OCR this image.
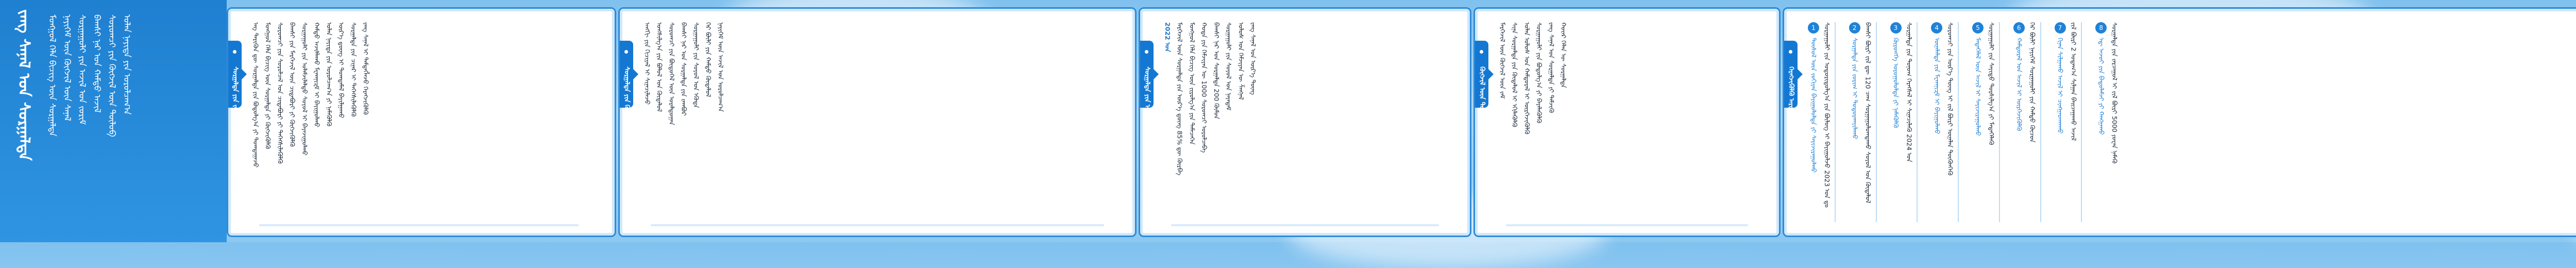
ᠵᠠᠩ ᠰᠠᠨᠠᠯ ᠤᠨ ᠰᠤᠷᠭᠠᠯᠲᠠ	ᠮᠣᠩᠭᠣᠯ ᠬᠡᠯᠡ ᠪᠢᠴᠢᠭ ᠦᠨ ᠰᠤᠷᠭᠠᠯᠲᠠ ᠨᠡᠶᠢᠭᠡᠮ ᠦᠨ ᠬᠥᠭᠵᠢᠯ ᠦᠨ ᠰᠠᠨᠠᠯ ᠰᠤᠷᠭᠠᠭᠤᠯᠢ ᠶᠢᠨ ᠠᠵᠢᠯ ᠤᠨ ᠵᠤᠷᠢᠮ ᠪᠠᠭᠰᠢ ᠨᠠᠷ ᠤᠨ ᠬᠠᠮᠲᠤ ᠠᠵᠢᠯ ᠰᠤᠷᠤᠭᠴᠢ ᠶᠢᠨ ᠬᠥᠭᠵᠢᠯ ᠦᠨ ᠲᠥᠯᠦᠪ ᠣᠯᠠᠨ ᠨᠡᠶᠢᠲᠡ ᠶᠢᠨ ᠣᠷᠣᠯᠴᠠᠭ᠎ᠠ	ᠰᠤᠷᠭᠠᠯᠲᠠ ᠶᠢᠨ ᠵᠣᠷᠢᠯᠭ᠎ᠠ	ᠡᠩ ᠲᠡᠷᠢᠭᠦᠨ ᠳᠦ ᠰᠤᠷᠭᠠᠯᠲᠠ ᠶᠢᠨ ᠪᠣᠳᠣᠯᠭ᠎ᠠ ᠶᠢ ᠲᠣᠭᠲᠠᠭᠠᠵᠤ ᠮᠣᠩᠭᠣᠯ ᠬᠡᠯᠡ ᠪᠢᠴᠢᠭ ᠦᠨ ᠰᠤᠷᠭᠠᠯᠲᠠ ᠶᠢ ᠬᠥᠭᠵᠢᠭᠦᠯᠬᠦ ᠰᠤᠷᠤᠭᠴᠢ ᠶᠢᠨ ᠰᠤᠷᠤᠯᠴᠠᠯ ᠤᠨ ᠴᠢᠳᠠᠪᠤᠷᠢ ᠶᠢ ᠳᠡᠭᠡᠭᠰᠢᠯᠡᠭᠦᠯᠬᠦ ᠪᠠᠭᠰᠢ ᠶᠢᠨ ᠮᠡᠷᠭᠡᠵᠢᠯ ᠦᠨ ᠴᠢᠳᠠᠪᠤᠷᠢ ᠶᠢ ᠬᠥᠭᠵᠢᠭᠦᠯᠬᠦ ᠰᠤᠷᠭᠠᠭᠤᠯᠢ ᠶᠢᠨ ᠤᠯᠠᠮᠵᠢᠯᠠᠯᠲᠤ ᠰᠣᠶᠣᠯ ᠢ ᠪᠠᠶᠠᠵᠢᠭᠤᠯᠬᠤ ᠬᠠᠮᠲᠤ ᠠᠵᠢᠯᠯᠠᠬᠤ ᠮᠧᠬᠠᠨᠢᠽᠮ ᠢ ᠪᠠᠶᠢᠭᠤᠯᠬᠤ ᠣᠯᠠᠨ ᠨᠡᠶᠢᠲᠡ ᠶᠢᠨ ᠣᠷᠣᠯᠴᠠᠭ᠎ᠠ ᠶᠢ ᠨᠡᠮᠡᠭᠦᠯᠬᠦ ᠦᠷ᠎ᠡ ᠳ᠋ᠦᠩ ᠢ ᠲᠣᠭᠲᠠᠮᠠᠯ ᠪᠠᠶᠢᠯᠭᠠᠬᠤ ᠰᠤᠷᠭᠠᠯᠲᠠ ᠶᠢᠨ ᠴᠢᠨᠠᠷ ᠢ ᠳᠡᠭᠡᠭᠰᠢᠯᠡᠭᠦᠯᠬᠦ ᠵᠠᠩ ᠰᠠᠨᠠᠯ ᠢ ᠲᠡᠮᠳᠡᠭᠯᠡᠵᠦ ᠬᠡᠷᠡᠭᠵᠢᠭᠦᠯᠬᠦ	ᠰᠤᠷᠭᠠᠯᠲᠠ ᠶᠢᠨ ᠬᠥᠳᠡᠯᠦᠯ	ᠠᠩᠭᠢ ᠶᠢᠨ ᠬᠢᠴᠢᠶᠡᠯ ᠢ ᠰᠢᠨᠡᠴᠢᠯᠡᠵᠦ ᠤᠩᠰᠢᠯᠭ᠎ᠠ ᠶᠢᠨ ᠪᠣᠯᠣᠯ ᠤᠨ ᠬᠥᠳᠡᠯᠦᠯ ᠰᠤᠷᠤᠭᠴᠢ ᠶᠢᠨ ᠪᠦᠲᠦᠭᠡᠯ ᠦᠨ ᠤᠷᠠᠯᠳᠤᠭᠠᠨ ᠪᠠᠭᠰᠢ ᠨᠠᠷ ᠤᠨ ᠰᠤᠷᠭᠠᠯᠲᠠ ᠶᠢᠨ ᠵᠠᠭᠪᠤᠷ ᠰᠤᠷᠭᠠᠭᠤᠯᠢ ᠶᠢᠨ ᠰᠣᠶᠣᠯ ᠤᠨ ᠡᠭᠦᠳᠡ ᠭᠡᠷ ᠪᠦᠯᠢ ᠶᠢᠨ ᠬᠠᠮᠲᠤ ᠬᠥᠳᠡᠯᠦᠯ ᠨᠡᠶᠢᠭᠡᠮ ᠦᠨ ᠠᠵᠢᠯ ᠤᠨ ᠣᠷᠣᠯᠴᠠᠭ᠎ᠠ	ᠰᠤᠷᠭᠠᠯᠲᠠ ᠶᠢᠨ ᠦᠷ᠎ᠡ
2022 ᠣᠨ ᠮᠡᠷᠭᠡᠵᠢᠯ ᠦᠨ ᠰᠤᠷᠭᠠᠯᠲᠠ ᠶᠢᠨ ᠦᠷ᠎ᠡ ᠳ᠋ᠦᠩ 85% ᠳᠦ ᠬᠦᠷᠪᠡ ᠮᠣᠩᠭᠣᠯ ᠬᠡᠯᠡ ᠪᠢᠴᠢᠭ ᠦᠨ ᠵᠢᠷᠤᠯᠭ᠎ᠠ ᠶᠢᠨ ᠲᠡᠮᠡᠴᠡᠭᠡᠨ ᠬᠣᠲᠠ ᠶᠢᠨ ᠬᠡᠮᠵᠢᠶᠡᠨ ᠦ 1000 ᠰᠤᠷᠤᠭᠴᠢ ᠣᠷᠣᠯᠴᠠᠪᠠ ᠪᠠᠭᠰᠢ ᠨᠠᠷ ᠤᠨ ᠰᠤᠷᠭᠠᠯᠲᠠ 200 ᠬᠦᠮᠦᠨ ᠰᠤᠷᠭᠠᠭᠤᠯᠢ ᠶᠢᠨ ᠰᠣᠶᠣᠯ ᠤᠨ ᠨᠠᠶᠠᠳᠠᠮ ᠤᠯᠤᠰ ᠤᠨ ᠬᠡᠮᠵᠢᠶᠡᠨ ᠦ ᠱᠠᠩᠨᠠᠯ ᠵᠠᠩ ᠰᠠᠨᠠᠯ ᠤᠨ ᠦᠷ᠎ᠡ ᠳᠦᠩ	ᠬᠥᠭᠵᠢᠯ ᠦᠨ ᠲᠥᠯᠦᠪ	ᠮᠡᠷᠭᠡᠵᠢᠯ ᠦᠨ ᠬᠥᠭᠵᠢᠯ ᠦᠨ ᠵᠠᠮ ᠰᠢᠨᠡ ᠰᠤᠷᠭᠠᠯᠲᠠ ᠶᠢᠨ ᠬᠥᠳᠡᠯᠦᠯ ᠢ ᠡᠬᠢᠯᠡᠭᠦᠯᠬᠦ ᠣᠯᠠᠨ ᠤᠯᠤᠰ ᠤᠨ ᠬᠠᠮᠲᠤᠷᠠᠯ ᠢ ᠥᠷᠭᠡᠵᠢᠭᠦᠯᠬᠦ ᠰᠤᠷᠭᠠᠭᠤᠯᠢ ᠶᠢᠨ ᠪᠣᠳᠣᠯᠭ᠎ᠠ ᠶᠢ ᠪᠡᠶᠡᠯᠡᠭᠦᠯᠬᠦ ᠵᠠᠩ ᠰᠠᠨᠠᠯ ᠤᠨ ᠰᠤᠷᠭᠠᠯᠲᠠ ᠶᠢ ᠳᠡᠮᠵᠢᠬᠦ ᠬᠣᠶ᠋ᠠᠷ ᠬᠡᠯᠡᠨ ᠦ ᠰᠤᠷᠭᠠᠯᠲᠠ
ᠬᠡᠷᠡᠭᠵᠢᠭᠦᠯᠬᠦ ᠠᠷᠭ᠎ᠠ ᠬᠡᠮᠵᠢᠶ᠎ᠡ
1
ᠲᠥᠰᠦᠯ ᠦᠨ ᠵᠣᠬᠢᠶᠠᠨ ᠪᠠᠶᠢᠭᠤᠯᠤᠯᠲᠠ ᠶᠢ ᠰᠠᠶᠢᠵᠢᠷᠠᠭᠤᠯᠬᠤ ᠰᠤᠷᠭᠠᠭᠤᠯᠢ ᠶᠢᠨ ᠤᠳᠤᠷᠢᠳᠤᠯᠭ᠎ᠠ ᠶᠢᠨ ᠪᠦᠯᠦᠭ ᠢ ᠪᠠᠶᠢᠭᠤᠯᠵᠤ 2023 ᠣᠨ ᠳᠤ	2
ᠰᠤᠷᠭᠠᠯᠲᠠ ᠶᠢᠨ ᠵᠣᠷᠢᠭ ᠢ ᠲᠣᠳᠣᠷᠬᠠᠶᠢᠯᠠᠬᠤ ᠪᠠᠭᠰᠢ ᠪᠦᠷᠢ ᠵᠢᠯ ᠳᠦ 120 ᠴᠠᠭ ᠰᠤᠷᠭᠠᠭᠤᠯᠤᠭᠳᠠᠬᠤ ᠰᠣᠶᠣᠯ ᠤᠨ ᠬᠥᠳᠡᠯᠦᠯ	3
ᠬᠥᠷᠥᠩᠭᠡ ᠣᠷᠣᠭᠤᠯᠤᠯᠲᠠ ᠶᠢ ᠨᠡᠮᠡᠭᠦᠯᠬᠦ ᠰᠤᠷᠭᠠᠯᠲᠠ ᠶᠢᠨ ᠲᠣᠨᠤᠭ ᠬᠡᠷᠡᠭᠰᠡᠯ ᠢ ᠰᠢᠨᠡᠴᠢᠯᠡᠬᠦ 2024 ᠣᠨ	4
ᠦᠨᠡᠯᠡᠯᠲᠡ ᠶᠢᠨ ᠮᠧᠬᠠᠨᠢᠽᠮ ᠢ ᠪᠠᠶᠢᠭᠤᠯᠬᠤ ᠰᠤᠷᠤᠭᠴᠢ ᠶᠢᠨ ᠦᠷ᠎ᠡ ᠳᠦᠩ ᠢ ᠵᠢᠯ ᠪᠦᠷᠢ ᠦᠨᠡᠯᠡᠨ ᠳᠦᠭᠦᠨᠭᠡᠬᠦ	5
ᠮᠡᠳᠡᠭᠡᠯᠡᠯ ᠦᠨ ᠠᠵᠢᠯ ᠢ ᠰᠠᠶᠢᠵᠢᠷᠠᠭᠤᠯᠬᠤ ᠰᠤᠷᠭᠠᠭᠤᠯᠢ ᠶᠢᠨ ᠰᠠᠶᠢᠲᠤ ᠲᠤᠷᠰᠢᠯᠭ᠎ᠠ ᠶᠢ ᠮᠡᠳᠡᠭᠡᠯᠡᠬᠦ	6
ᠬᠠᠮᠲᠤᠷᠠᠯ ᠤᠨ ᠠᠵᠢᠯ ᠢ ᠥᠷᠭᠡᠵᠢᠭᠦᠯᠬᠦ ᠭᠡᠷ ᠪᠦᠯᠢ ᠨᠡᠶᠢᠭᠡᠮ ᠰᠤᠷᠭᠠᠭᠤᠯᠢ ᠶᠢᠨ ᠬᠠᠮᠲᠤ ᠬᠦᠴᠦᠨ	7
ᠬᠢᠨᠠᠨ ᠰᠢᠯᠭᠠᠬᠤ ᠠᠵᠢᠯ ᠢ ᠴᠢᠩᠭᠠᠳᠬᠠᠬᠤ ᠵᠢᠯ ᠪᠦᠷᠢ 2 ᠤᠳᠠᠭ᠎ᠠ ᠰᠢᠯᠭᠠᠨ ᠪᠠᠢᠴᠠᠭᠠᠬᠤ ᠠᠵᠢᠯ	8
ᠡᠳ᠋ ᠠᠵᠤᠢ ᠶᠢᠨ ᠪᠠᠲᠤᠯᠠᠮᠵᠢ ᠶᠢ ᠬᠠᠩᠭᠠᠬᠤ ᠰᠤᠷᠭᠠᠯᠲᠠ ᠶᠢᠨ ᠵᠠᠷᠴᠠᠭᠤᠯ ᠢ ᠵᠢᠯ ᠪᠦᠷᠢ 5000 ᠶᠤᠸᠠᠨ ᠨᠡᠮᠡᠬᠦ
